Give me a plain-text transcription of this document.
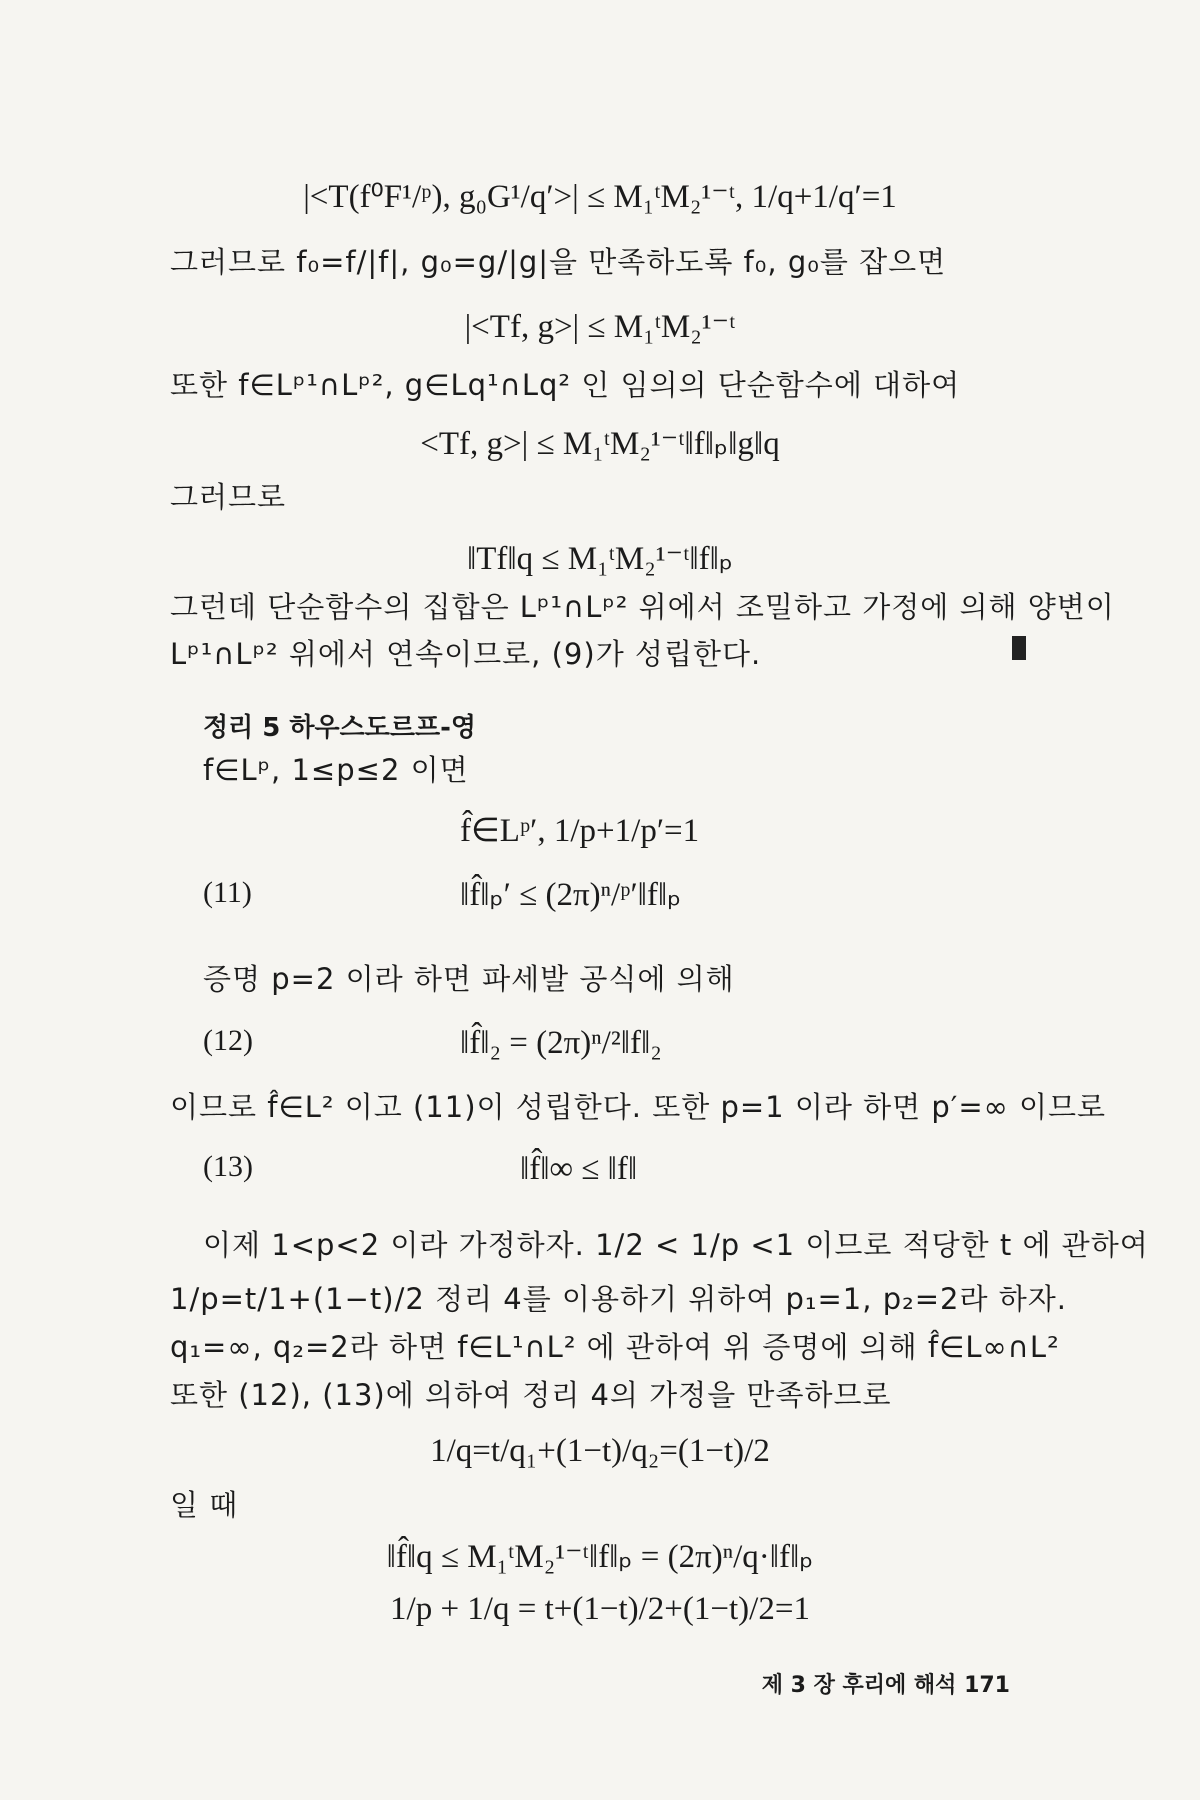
|<T(f⁰F¹/ᵖ), g₀G¹/q′>| ≤ M₁ᵗM₂¹⁻ᵗ, 1/q+1/q′=1
그러므로 f₀=f/|f|, g₀=g/|g|을 만족하도록 f₀, g₀를 잡으면
|<Tf, g>| ≤ M₁ᵗM₂¹⁻ᵗ
또한 f∈Lᵖ¹∩Lᵖ², g∈Lq¹∩Lq² 인 임의의 단순함수에 대하여
<Tf, g>| ≤ M₁ᵗM₂¹⁻ᵗ‖f‖ₚ‖g‖q
그러므로
‖Tf‖q ≤ M₁ᵗM₂¹⁻ᵗ‖f‖ₚ
그런데 단순함수의 집합은 Lᵖ¹∩Lᵖ² 위에서 조밀하고 가정에 의해 양변이
Lᵖ¹∩Lᵖ² 위에서 연속이므로, (9)가 성립한다.
정리 5 하우스도르프-영
f∈Lᵖ, 1≤p≤2 이면
f̂∈Lᵖ′, 1/p+1/p′=1
(11)	‖f̂‖ₚ′ ≤ (2π)ⁿ/ᵖ′‖f‖ₚ
증명 p=2 이라 하면 파세발 공식에 의해
(12)	‖f̂‖₂ = (2π)ⁿ/²‖f‖₂
이므로 f̂∈L² 이고 (11)이 성립한다. 또한 p=1 이라 하면 p′=∞ 이므로
(13)	‖f̂‖∞ ≤ ‖f‖
이제 1<p<2 이라 가정하자. 1/2 < 1/p <1 이므로 적당한 t 에 관하여
1/p=t/1+(1−t)/2 정리 4를 이용하기 위하여 p₁=1, p₂=2라 하자.
q₁=∞, q₂=2라 하면 f∈L¹∩L² 에 관하여 위 증명에 의해 f̂∈L∞∩L²
또한 (12), (13)에 의하여 정리 4의 가정을 만족하므로
1/q=t/q₁+(1−t)/q₂=(1−t)/2
일 때
‖f̂‖q ≤ M₁ᵗM₂¹⁻ᵗ‖f‖ₚ = (2π)ⁿ/q·‖f‖ₚ
1/p + 1/q = t+(1−t)/2+(1−t)/2=1
제 3 장 후리에 해석 171
